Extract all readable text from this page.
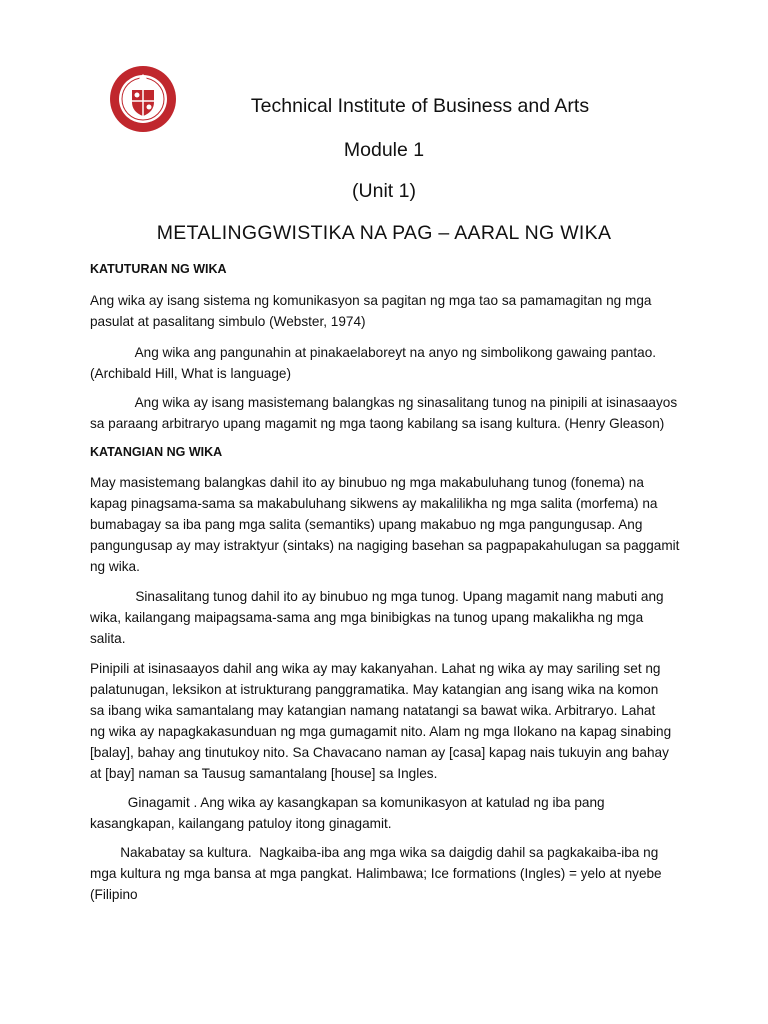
Technical Institute of Business and Arts
Module 1
(Unit 1)
METALINGGWISTIKA NA PAG – AARAL NG WIKA
KATUTURAN NG WIKA

Ang wika ay isang sistema ng komunikasyon sa pagitan ng mga tao sa pamamagitan ng mga
pasulat at pasalitang simbulo (Webster, 1974)

Ang wika ang pangunahin at pinakaelaboreyt na anyo ng simbolikong gawaing pantao.
(Archibald Hill, What is language)

Ang wika ay isang masistemang balangkas ng sinasalitang tunog na pinipili at isinasaayos
sa paraang arbitraryo upang magamit ng mga taong kabilang sa isang kultura. (Henry Gleason)

KATANGIAN NG WIKA

May masistemang balangkas dahil ito ay binubuo ng mga makabuluhang tunog (fonema) na
kapag pinagsama-sama sa makabuluhang sikwens ay makalilikha ng mga salita (morfema) na
bumabagay sa iba pang mga salita (semantiks) upang makabuo ng mga pangungusap. Ang
pangungusap ay may istraktyur (sintaks) na nagiging basehan sa pagpapakahulugan sa paggamit
ng wika.

Sinasalitang tunog dahil ito ay binubuo ng mga tunog. Upang magamit nang mabuti ang
wika, kailangang maipagsama-sama ang mga binibigkas na tunog upang makalikha ng mga
salita.

Pinipili at isinasaayos dahil ang wika ay may kakanyahan. Lahat ng wika ay may sariling set ng
palatunugan, leksikon at istrukturang panggramatika. May katangian ang isang wika na komon
sa ibang wika samantalang may katangian namang natatangi sa bawat wika. Arbitraryo. Lahat
ng wika ay napagkakasunduan ng mga gumagamit nito. Alam ng mga Ilokano na kapag sinabing
[balay], bahay ang tinutukoy nito. Sa Chavacano naman ay [casa] kapag nais tukuyin ang bahay
at [bay] naman sa Tausug samantalang [house] sa Ingles.

Ginagamit . Ang wika ay kasangkapan sa komunikasyon at katulad ng iba pang
kasangkapan, kailangang patuloy itong ginagamit.

Nakabatay sa kultura.  Nagkaiba-iba ang mga wika sa daigdig dahil sa pagkakaiba-iba ng
mga kultura ng mga bansa at mga pangkat. Halimbawa; Ice formations (Ingles) = yelo at nyebe
(Filipino
